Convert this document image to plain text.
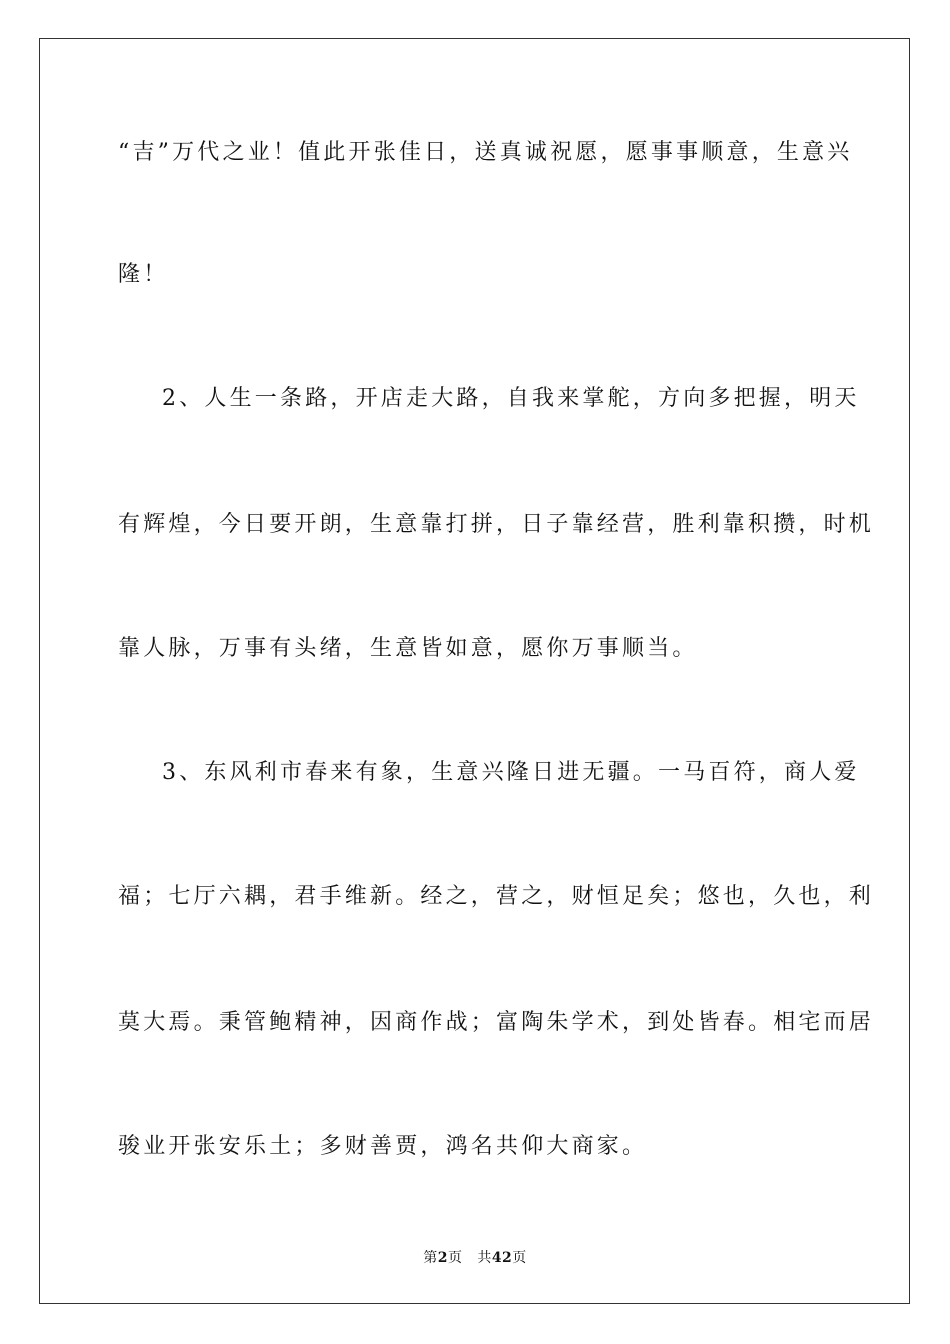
“吉”万代之业！值此开张佳日，送真诚祝愿，愿事事顺意，生意兴
隆！
2、人生一条路，开店走大路，自我来掌舵，方向多把握，明天
有辉煌，今日要开朗，生意靠打拼，日子靠经营，胜利靠积攒，时机
靠人脉，万事有头绪，生意皆如意，愿你万事顺当。
3、东风利市春来有象，生意兴隆日进无疆。一马百符，商人爱
福；七厅六耦，君手维新。经之，营之，财恒足矣；悠也，久也，利
莫大焉。秉管鲍精神，因商作战；富陶朱学术，到处皆春。相宅而居
骏业开张安乐土；多财善贾，鸿名共仰大商家。
第2页 共42页
